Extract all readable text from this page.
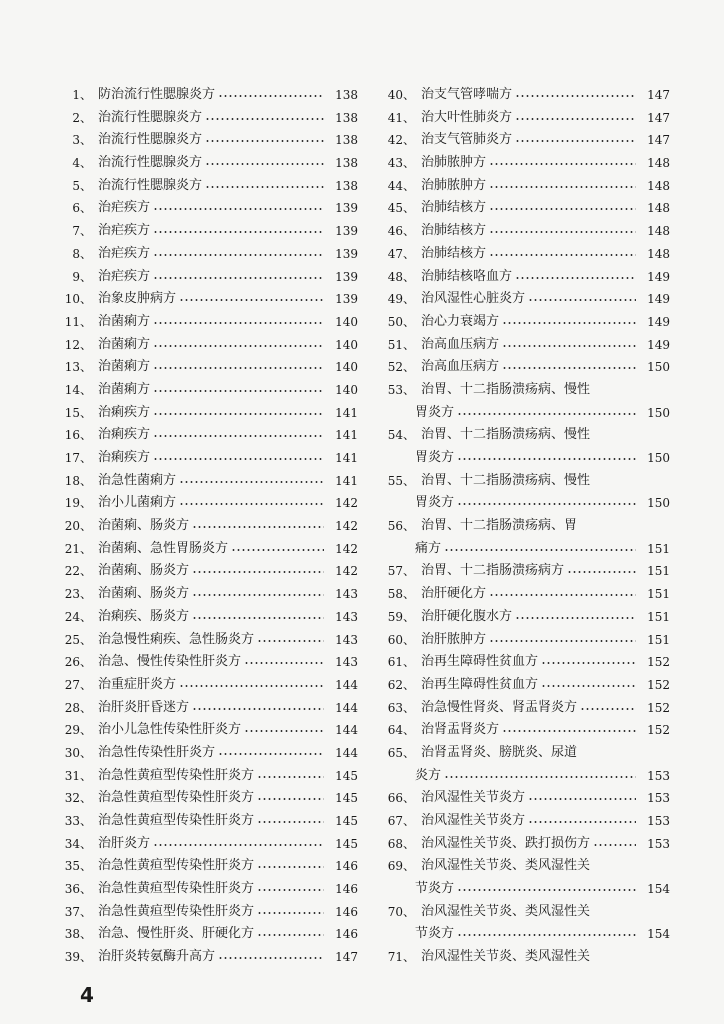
1、 防治流行性腮腺炎方	138
2、 治流行性腮腺炎方	138
3、 治流行性腮腺炎方	138
4、 治流行性腮腺炎方	138
5、 治流行性腮腺炎方	138
6、 治疟疾方	139
7、 治疟疾方	139
8、 治疟疾方	139
9、 治疟疾方	139
10、 治象皮肿病方	139
11、 治菌痢方	140
12、 治菌痢方	140
13、 治菌痢方	140
14、 治菌痢方	140
15、 治痢疾方	141
16、 治痢疾方	141
17、 治痢疾方	141
18、 治急性菌痢方	141
19、 治小儿菌痢方	142
20、 治菌痢、肠炎方	142
21、 治菌痢、急性胃肠炎方	142
22、 治菌痢、肠炎方	142
23、 治菌痢、肠炎方	143
24、 治痢疾、肠炎方	143
25、 治急慢性痢疾、急性肠炎方	143
26、 治急、慢性传染性肝炎方	143
27、 治重症肝炎方	144
28、 治肝炎肝昏迷方	144
29、 治小儿急性传染性肝炎方	144
30、 治急性传染性肝炎方	144
31、 治急性黄疸型传染性肝炎方	145
32、 治急性黄疸型传染性肝炎方	145
33、 治急性黄疸型传染性肝炎方	145
34、 治肝炎方	145
35、 治急性黄疸型传染性肝炎方	146
36、 治急性黄疸型传染性肝炎方	146
37、 治急性黄疸型传染性肝炎方	146
38、 治急、慢性肝炎、肝硬化方	146
39、 治肝炎转氨酶升高方	147
40、 治支气管哮喘方	147
41、 治大叶性肺炎方	147
42、 治支气管肺炎方	147
43、 治肺脓肿方	148
44、 治肺脓肿方	148
45、 治肺结核方	148
46、 治肺结核方	148
47、 治肺结核方	148
48、 治肺结核咯血方	149
49、 治风湿性心脏炎方	149
50、 治心力衰竭方	149
51、 治高血压病方	149
52、 治高血压病方	150
53、 治胃、十二指肠溃疡病、慢性
胃炎方	150
54、 治胃、十二指肠溃疡病、慢性
胃炎方	150
55、 治胃、十二指肠溃疡病、慢性
胃炎方	150
56、 治胃、十二指肠溃疡病、胃
痛方	151
57、 治胃、十二指肠溃疡病方	151
58、 治肝硬化方	151
59、 治肝硬化腹水方	151
60、 治肝脓肿方	151
61、 治再生障碍性贫血方	152
62、 治再生障碍性贫血方	152
63、 治急慢性肾炎、肾盂肾炎方	152
64、 治肾盂肾炎方	152
65、 治肾盂肾炎、膀胱炎、尿道
炎方	153
66、 治风湿性关节炎方	153
67、 治风湿性关节炎方	153
68、 治风湿性关节炎、跌打损伤方	153
69、 治风湿性关节炎、类风湿性关
节炎方	154
70、 治风湿性关节炎、类风湿性关
节炎方	154
71、 治风湿性关节炎、类风湿性关
4
